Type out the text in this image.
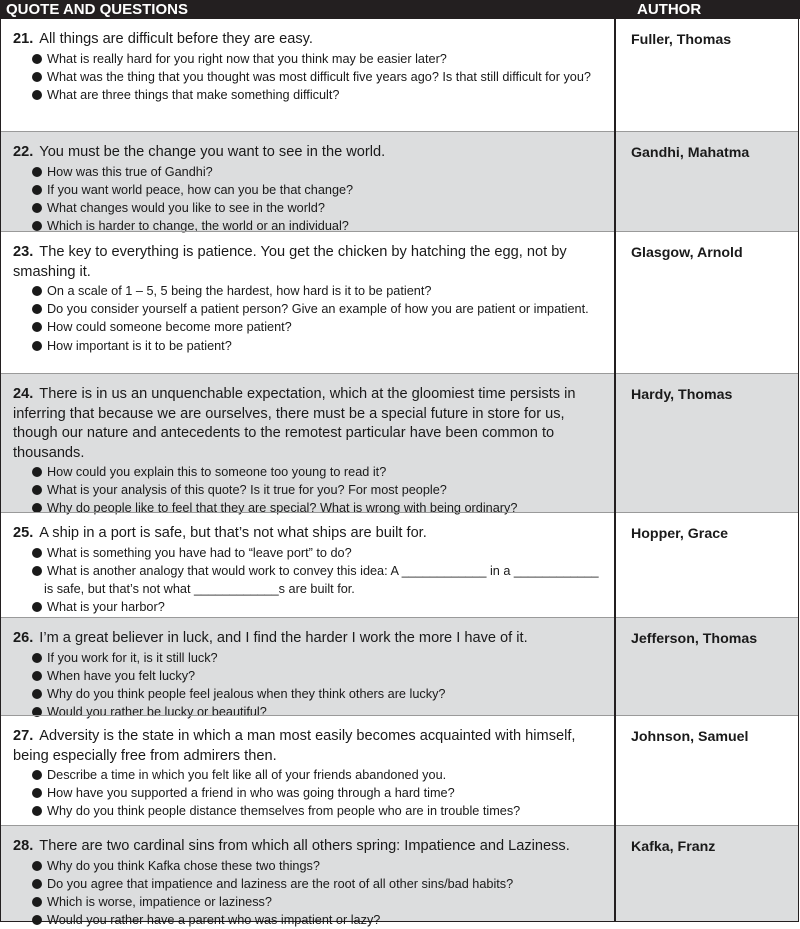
QUOTE AND QUESTIONS	AUTHOR
21. All things are difficult before they are easy.
What is really hard for you right now that you think may be easier later?
What was the thing that you thought was most difficult five years ago? Is that still difficult for you?
What are three things that make something difficult?
Fuller, Thomas
22. You must be the change you want to see in the world.
How was this true of Gandhi?
If you want world peace, how can you be that change?
What changes would you like to see in the world?
Which is harder to change, the world or an individual?
Gandhi, Mahatma
23. The key to everything is patience. You get the chicken by hatching the egg, not by smashing it.
On a scale of 1 – 5, 5 being the hardest, how hard is it to be patient?
Do you consider yourself a patient person? Give an example of how you are patient or impatient.
How could someone become more patient?
How important is it to be patient?
Glasgow, Arnold
24. There is in us an unquenchable expectation, which at the gloomiest time persists in inferring that because we are ourselves, there must be a special future in store for us, though our nature and antecedents to the remotest particular have been common to thousands.
How could you explain this to someone too young to read it?
What is your analysis of this quote? Is it true for you? For most people?
Why do people like to feel that they are special? What is wrong with being ordinary?
Hardy, Thomas
25. A ship in a port is safe, but that’s not what ships are built for.
What is something you have had to “leave port” to do?
What is another analogy that would work to convey this idea: A ____________ in a ____________ is safe, but that’s not what ____________s are built for.
What is your harbor?
Hopper, Grace
26. I’m a great believer in luck, and I find the harder I work the more I have of it.
If you work for it, is it still luck?
When have you felt lucky?
Why do you think people feel jealous when they think others are lucky?
Would you rather be lucky or beautiful?
Jefferson, Thomas
27. Adversity is the state in which a man most easily becomes acquainted with himself, being especially free from admirers then.
Describe a time in which you felt like all of your friends abandoned you.
How have you supported a friend in who was going through a hard time?
Why do you think people distance themselves from people who are in trouble times?
Johnson, Samuel
28. There are two cardinal sins from which all others spring: Impatience and Laziness.
Why do you think Kafka chose these two things?
Do you agree that impatience and laziness are the root of all other sins/bad habits?
Which is worse, impatience or laziness?
Would you rather have a parent who was impatient or lazy?
Kafka, Franz
